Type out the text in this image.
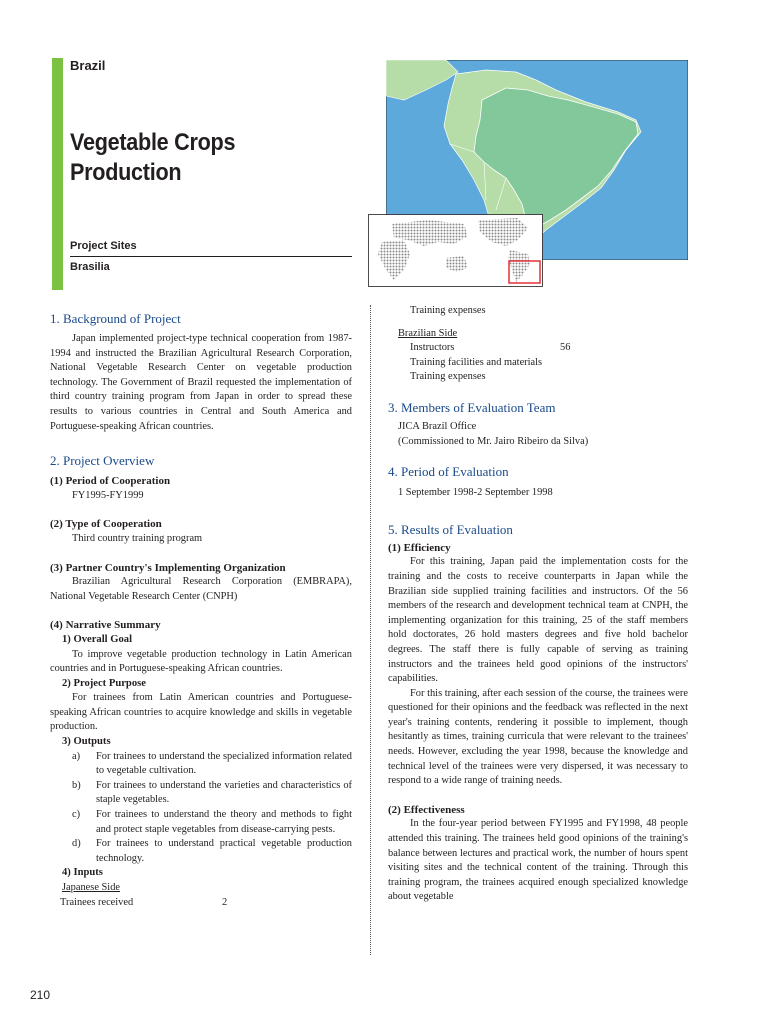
Brazil
Vegetable Crops
Production
Project Sites
Brasilia
1. Background of Project
Japan implemented project-type technical cooperation from 1987-1994 and instructed the Brazilian Agricultural Research Corporation, National Vegetable Research Center on vegetable production technology. The Government of Brazil requested the implementation of third country training program from Japan in order to spread these results to various countries in Central and South America and Portuguese-speaking African countries.
2. Project Overview
(1) Period of Cooperation
FY1995-FY1999
(2) Type of Cooperation
Third country training program
(3) Partner Country's Implementing Organization
Brazilian Agricultural Research Corporation (EMBRAPA), National Vegetable Research Center (CNPH)
(4) Narrative Summary
1) Overall Goal
To improve vegetable production technology in Latin American countries and in Portuguese-speaking African countries.
2) Project Purpose
For trainees from Latin American countries and Portuguese-speaking African countries to acquire knowledge and skills in vegetable production.
3) Outputs
a) For trainees to understand the specialized information related to vegetable cultivation.
b) For trainees to understand the varieties and characteristics of staple vegetables.
c) For trainees to understand the theory and methods to fight and protect staple vegetables from disease-carrying pests.
d) For trainees to understand practical vegetable production technology.
4) Inputs
Japanese Side
Trainees received	2
Training expenses
Brazilian Side
Instructors	56
Training facilities and materials
Training expenses
3. Members of Evaluation Team
JICA Brazil Office
(Commissioned to Mr. Jairo Ribeiro da Silva)
4. Period of Evaluation
1 September 1998-2 September 1998
5. Results of Evaluation
(1) Efficiency
For this training, Japan paid the implementation costs for the training and the costs to receive counterparts in Japan while the Brazilian side supplied training facilities and instructors. Of the 56 members of the research and development technical team at CNPH, the implementing organization for this training, 25 of the staff members hold doctorates, 26 hold masters degrees and five hold bachelor degrees. The staff there is fully capable of serving as training instructors and the trainees held good opinions of the instructors' capabilities.
For this training, after each session of the course, the trainees were questioned for their opinions and the feedback was reflected in the next year's training contents, rendering it possible to implement, though hesitantly as times, training curricula that were relevant to the trainees' needs. However, excluding the year 1998, because the knowledge and technical level of the trainees were very dispersed, it was necessary to respond to a wide range of training needs.
(2) Effectiveness
In the four-year period between FY1995 and FY1998, 48 people attended this training. The trainees held good opinions of the training's balance between lectures and practical work, the number of hours spent visiting sites and the technical content of the training. Through this training program, the trainees acquired enough specialized knowledge about vegetable
210
